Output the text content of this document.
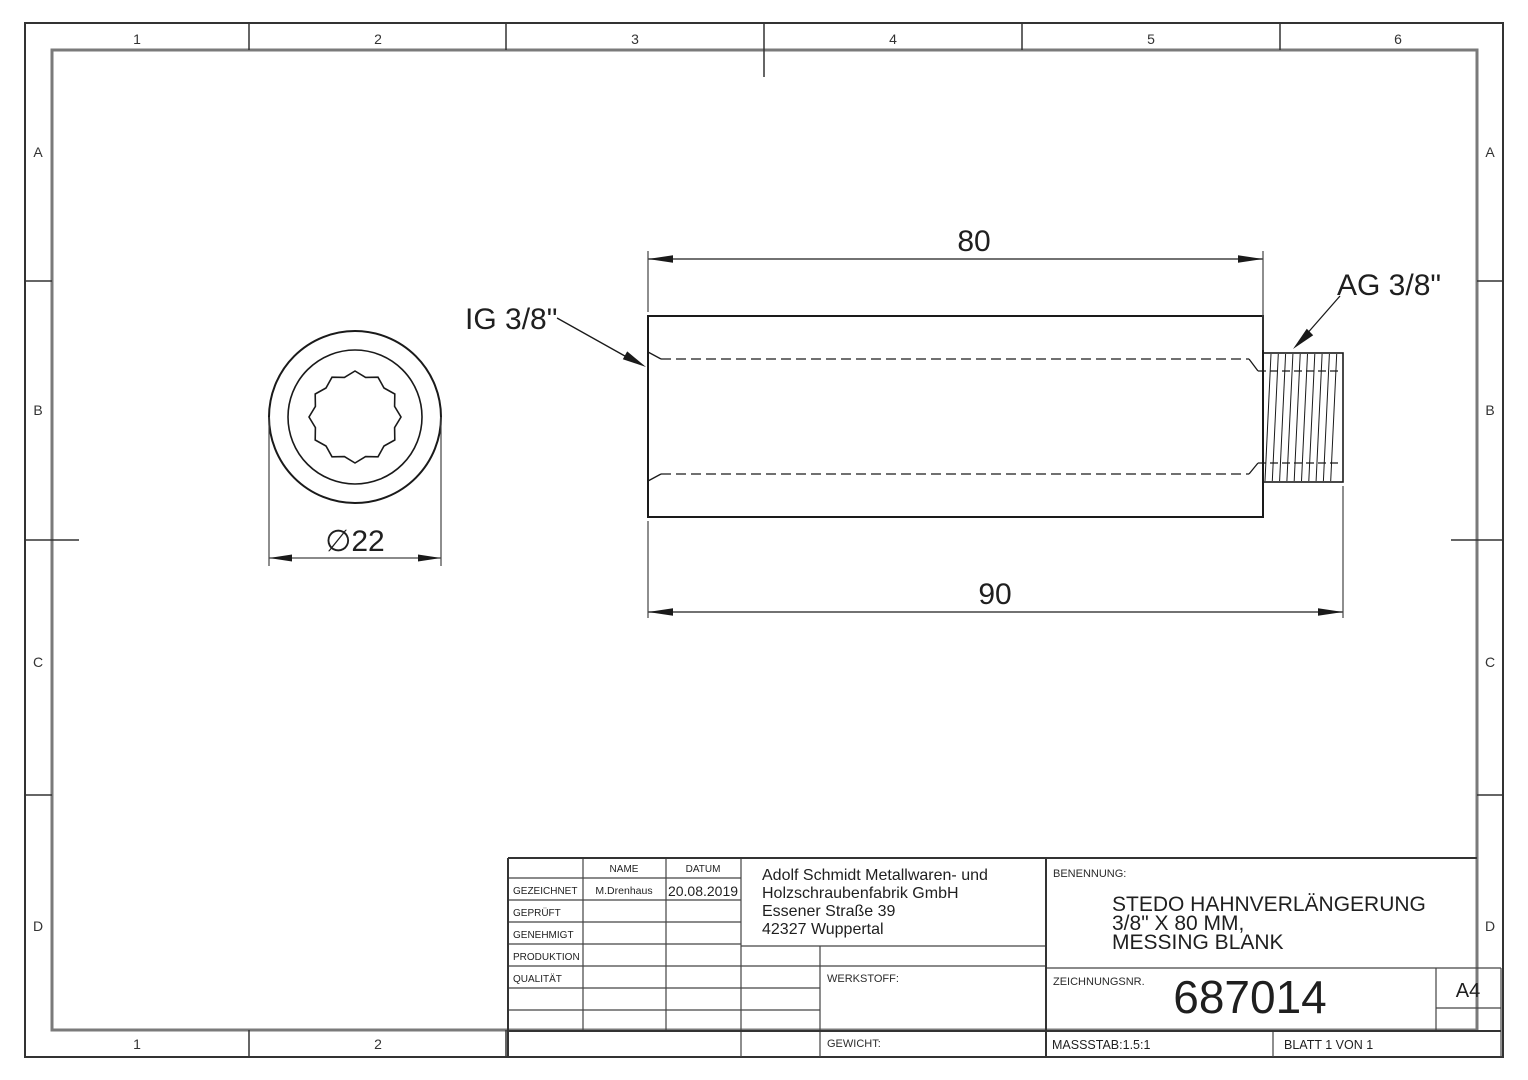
1	2	3	4	5	6
1	2
A
B
C
D
A
B
C
D
∅22
80
90
IG 3/8"
AG 3/8"
NAME	DATUM
GEZEICHNET M.Drenhaus 20.08.2019
GEPRÜFT
GENEHMIGT
PRODUKTION
QUALITÄT
Adolf Schmidt Metallwaren- und
Holzschraubenfabrik GmbH
Essener Straße 39
42327 Wuppertal
WERKSTOFF:
GEWICHT:
BENENNUNG:
STEDO HAHNVERLÄNGERUNG
3/8" X 80 MM,
MESSING BLANK
ZEICHNUNGSNR. 687014	A4
MASSSTAB:1.5:1	BLATT 1 VON 1
